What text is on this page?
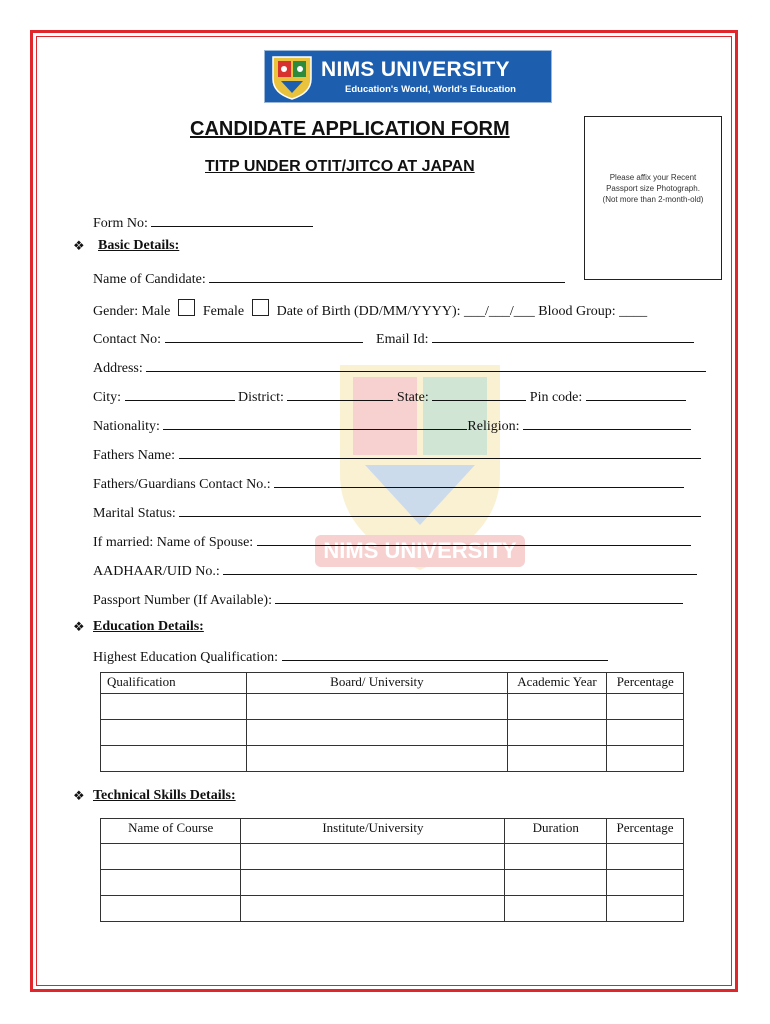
NIMS UNIVERSITY
Education's World, World's Education
CANDIDATE APPLICATION FORM
TITP UNDER OTIT/JITCO AT JAPAN
Please affix your Recent
Passport size Photograph.
(Not more than 2-month-old)
NIMS UNIVERSITY
Form No:
❖ Basic Details:
Name of Candidate:
Gender: Male Female Date of Birth (DD/MM/YYYY): ___/___/___ Blood Group: ____
Contact No:	Email Id:
Address:
City:	District:	State:	Pin code:
Nationality:	Religion:
Fathers Name:
Fathers/Guardians Contact No.:
Marital Status:
If married: Name of Spouse:
AADHAAR/UID No.:
Passport Number (If Available):
❖ Education Details:
Highest Education Qualification:
Qualification	Board/ University	Academic Year	Percentage

❖ Technical Skills Details:
Name of Course	Institute/University	Duration	Percentage
